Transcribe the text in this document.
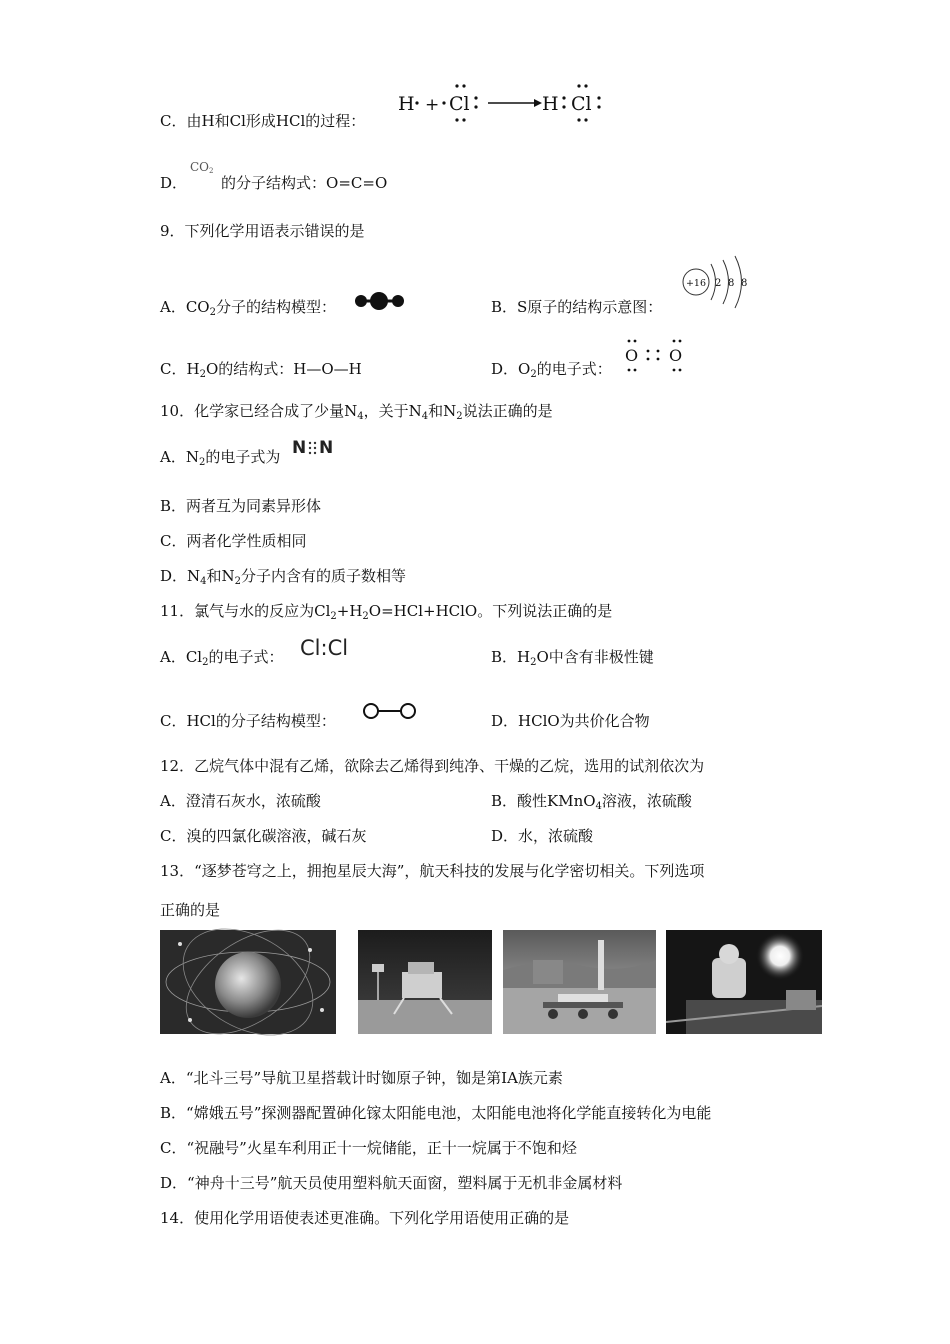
C．由H和Cl形成HCl的过程：
H + Cl	H Cl
D． 的分子结构式：O=C=O
CO2
9．下列化学用语表示错误的是
A．$CO_2$分子的结构模型：	B．S原子的结构示意图：
+16 2 8 8
C．$H_2O$的结构式：H—O—H	D．$O_2$的电子式：
O O
10．化学家已经合成了少量$N_4$，关于$N_4$和$N_2$说法正确的是
A．$N_2$的电子式为 N N
B．两者互为同素异形体
C．两者化学性质相同
D．$N_4$和$N_2$分子内含有的质子数相等
11．氯气与水的反应为$Cl_2+H_2O=HCl+HClO$。下列说法正确的是
A．$Cl_2$的电子式： Cl:Cl	B．$H_2O$中含有非极性键
C．HCl的分子结构模型：	D．HClO为共价化合物
12．乙烷气体中混有乙烯，欲除去乙烯得到纯净、干燥的乙烷，选用的试剂依次为
A．澄清石灰水，浓硫酸	B．酸性KMnO$_4$溶液，浓硫酸
C．溴的四氯化碳溶液，碱石灰	D．水，浓硫酸
13．“逐梦苍穹之上，拥抱星辰大海”，航天科技的发展与化学密切相关。下列选项
正确的是
A．“北斗三号”导航卫星搭载计时铷原子钟，铷是第ⅠA族元素
B．“嫦娥五号”探测器配置砷化镓太阳能电池，太阳能电池将化学能直接转化为电能
C．“祝融号”火星车利用正十一烷储能，正十一烷属于不饱和烃
D．“神舟十三号”航天员使用塑料航天面窗，塑料属于无机非金属材料
14．使用化学用语使表述更准确。下列化学用语使用正确的是
